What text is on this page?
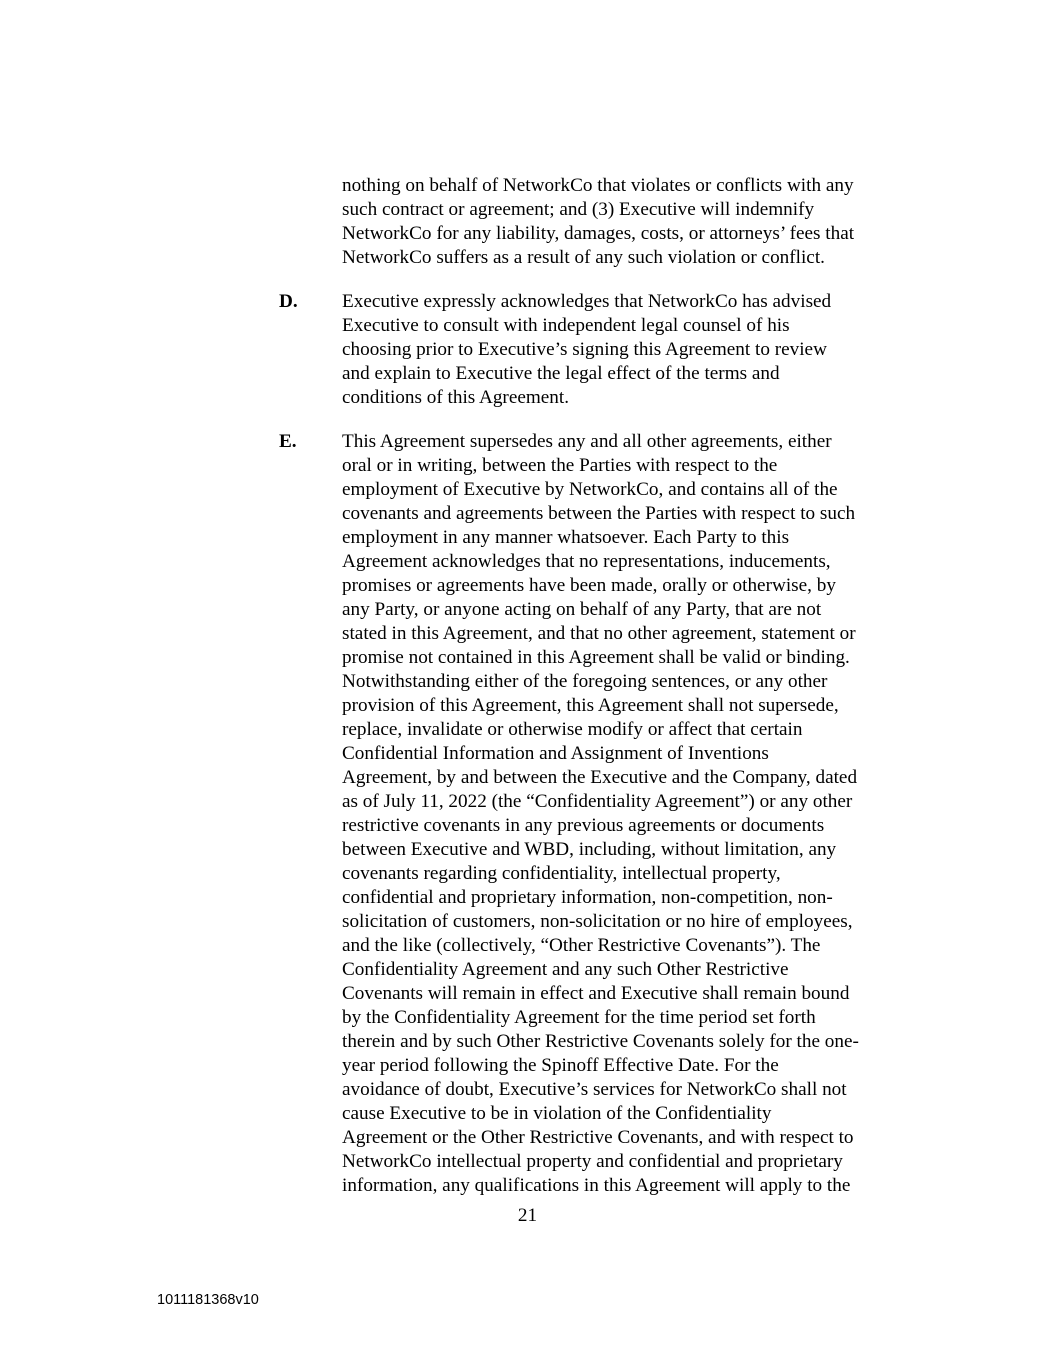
nothing on behalf of NetworkCo that violates or conflicts with any
such contract or agreement; and (3) Executive will indemnify
NetworkCo for any liability, damages, costs, or attorneys’ fees that
NetworkCo suffers as a result of any such violation or conflict.
D. Executive expressly acknowledges that NetworkCo has advised
Executive to consult with independent legal counsel of his
choosing prior to Executive’s signing this Agreement to review
and explain to Executive the legal effect of the terms and
conditions of this Agreement.
E. This Agreement supersedes any and all other agreements, either
oral or in writing, between the Parties with respect to the
employment of Executive by NetworkCo, and contains all of the
covenants and agreements between the Parties with respect to such
employment in any manner whatsoever. Each Party to this
Agreement acknowledges that no representations, inducements,
promises or agreements have been made, orally or otherwise, by
any Party, or anyone acting on behalf of any Party, that are not
stated in this Agreement, and that no other agreement, statement or
promise not contained in this Agreement shall be valid or binding.
Notwithstanding either of the foregoing sentences, or any other
provision of this Agreement, this Agreement shall not supersede,
replace, invalidate or otherwise modify or affect that certain
Confidential Information and Assignment of Inventions
Agreement, by and between the Executive and the Company, dated
as of July 11, 2022 (the “Confidentiality Agreement”) or any other
restrictive covenants in any previous agreements or documents
between Executive and WBD, including, without limitation, any
covenants regarding confidentiality, intellectual property,
confidential and proprietary information, non-competition, non-
solicitation of customers, non-solicitation or no hire of employees,
and the like (collectively, “Other Restrictive Covenants”). The
Confidentiality Agreement and any such Other Restrictive
Covenants will remain in effect and Executive shall remain bound
by the Confidentiality Agreement for the time period set forth
therein and by such Other Restrictive Covenants solely for the one-
year period following the Spinoff Effective Date. For the
avoidance of doubt, Executive’s services for NetworkCo shall not
cause Executive to be in violation of the Confidentiality
Agreement or the Other Restrictive Covenants, and with respect to
NetworkCo intellectual property and confidential and proprietary
information, any qualifications in this Agreement will apply to the
21
1011181368v10
